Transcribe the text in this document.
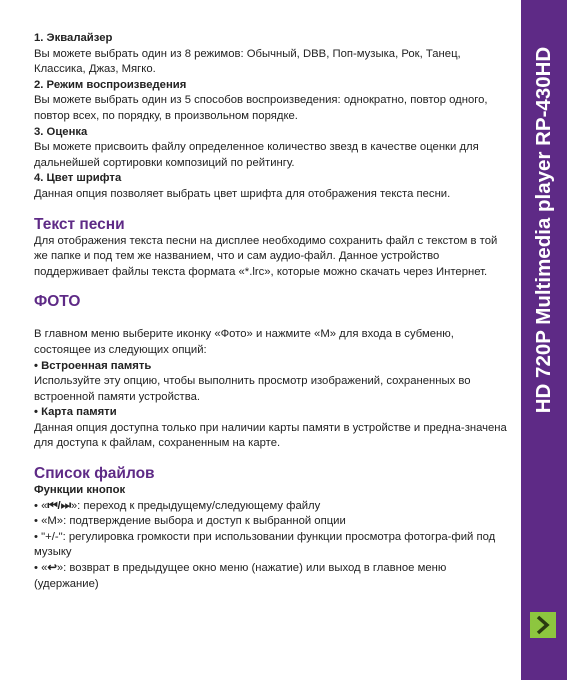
1. Эквалайзер

Вы можете выбрать один из 8 режимов: Обычный, DBB, Поп-музыка, Рок, Танец, Классика, Джаз, Мягко.

2. Режим воспроизведения

Вы можете выбрать один из 5 способов воспроизведения: однократно, повтор одного, повтор всех, по порядку, в произвольном порядке.

3. Оценка

Вы можете присвоить файлу определенное количество звезд в качестве оценки для дальнейшей сортировки композиций по рейтингу.

4. Цвет шрифта

Данная опция позволяет выбрать цвет шрифта для отображения текста песни.

Текст песни

Для отображения текста песни на дисплее необходимо сохранить файл с текстом в той же папке и под тем же названием, что и сам аудио-файл. Данное устройство поддерживает файлы текста формата «*.lrc», которые можно скачать через Интернет.

ФОТО

В главном меню выберите иконку «Фото» и нажмите «М» для входа в субменю, состоящее из следующих опций:

• Встроенная память

Используйте эту опцию, чтобы выполнить просмотр изображений, сохраненных во встроенной памяти устройства.

• Карта памяти

Данная опция доступна только при наличии карты памяти в устройстве и предна-значена для доступа к файлам, сохраненным на карте.

Список файлов

Функции кнопок

• «⏮/⏭»: переход к предыдущему/следующему файлу

• «M»: подтверждение выбора и доступ к выбранной опции

• "+/-": регулировка громкости при использовании функции просмотра фотогра-фий под музыку

• «↩»: возврат в предыдущее окно меню (нажатие) или выход в главное меню (удержание)

HD 720P Multimedia player RP-430HD
